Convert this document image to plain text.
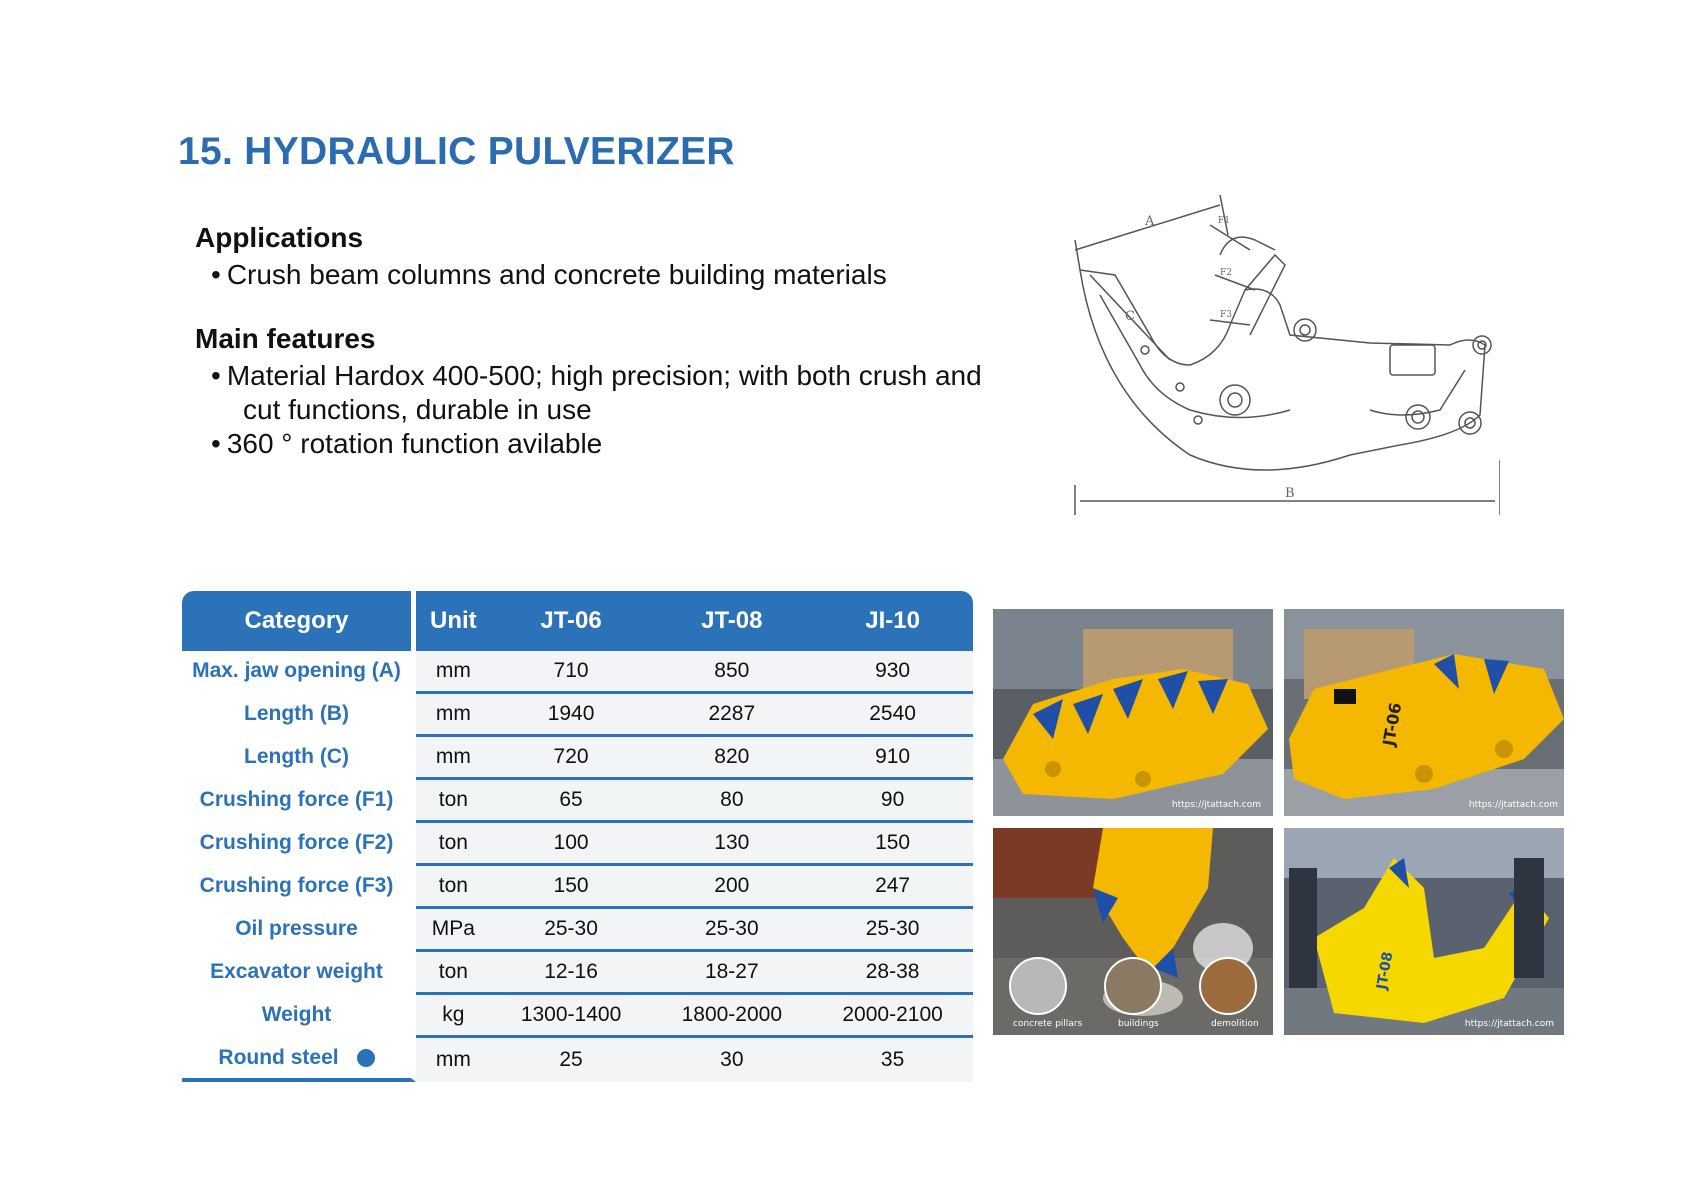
15. HYDRAULIC PULVERIZER

Applications

• Crush beam columns and concrete building materials

Main features

• Material Hardox 400-500; high precision; with both crush and
cut functions, durable in use

• 360 ° rotation function avilable

A
C
B
F1
F2
F3
Category	Unit	JT-06	JT-08	JI-10
Max. jaw opening (A)	mm	710	850	930
Length (B)	mm	1940	2287	2540
Length (C)	mm	720	820	910
Crushing force (F1)	ton	65	80	90
Crushing force (F2)	ton	100	130	150
Crushing force (F3)	ton	150	200	247
Oil pressure	MPa	25-30	25-30	25-30
Excavator weight	ton	12-16	18-27	28-38
Weight	kg	1300-1400	1800-2000	2000-2100
Round steel	mm	25	30	35
https://jtattach.com
JT-06
https://jtattach.com
concrete pillars	buildings	demolition
JT-08
https://jtattach.com
